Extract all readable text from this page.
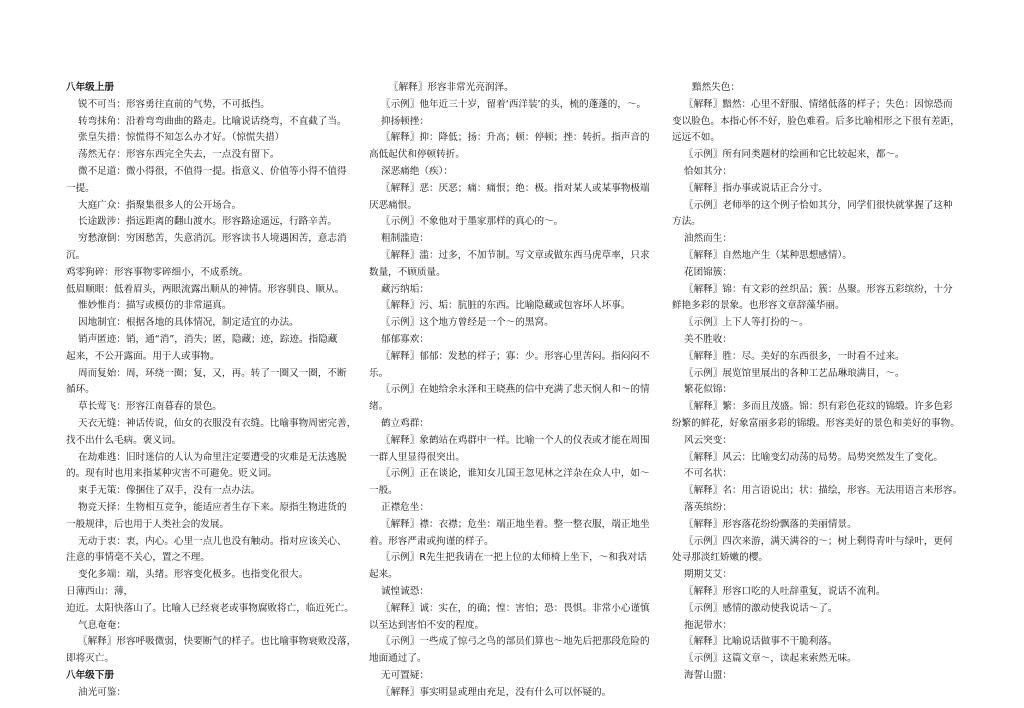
八年级上册
锐不可当：形容勇往直前的气势，不可抵挡。
转弯抹角：沿着弯弯曲曲的路走。比喻说话绕弯，不直截了当。
张皇失措：惊慌得不知怎么办才好。（惊慌失措）
荡然无存：形容东西完全失去，一点没有留下。
微不足道：微小得很，不值得一提。指意义、价值等小得不值得
一提。
大庭广众：指聚集很多人的公开场合。
长途跋涉：指远距离的翻山渡水。形容路途遥远，行路辛苦。
穷愁潦倒：穷困愁苦，失意消沉。形容读书人境遇困苦，意志消
沉。
鸡零狗碎：形容事物零碎细小，不成系统。
低眉顺眼：低着眉头，两眼流露出顺从的神情。形容驯良、顺从。
惟妙惟肖：描写或模仿的非常逼真。
因地制宜：根据各地的具体情况，制定适宜的办法。
销声匿迹：销，通“消”，消失；匿，隐藏；迹，踪迹。指隐藏
起来，不公开露面。用于人或事物。
周而复始：周，环绕一圈；复，又，再。转了一圈又一圈，不断
循环。
草长莺飞：形容江南暮春的景色。
天衣无缝：神话传说，仙女的衣服没有衣缝。比喻事物周密完善，
找不出什么毛病。褒义词。
在劫难逃：旧时迷信的人认为命里注定要遭受的灾难是无法逃脱
的。现有时也用来指某种灾害不可避免。贬义词。
束手无策：像捆住了双手，没有一点办法。
物竞天择：生物相互竞争，能适应者生存下来。原指生物进货的
一般规律，后也用于人类社会的发展。
无动于衷：衷，内心。心里一点儿也没有触动。指对应该关心、
注意的事情毫不关心，置之不理。
变化多端：端，头绪。形容变化极多。也指变化很大。
日薄西山：薄，
迫近。太阳快落山了。比喻人已经衰老或事物腐败将亡，临近死亡。
气息奄奄：
〖解释〗形容呼吸微弱，快要断气的样子。也比喻事物衰败没落，
即将灭亡。
八年级下册
油光可鉴：
〖解释〗形容非常光亮润泽。
〖示例〗他年近三十岁，留着‘西洋装’的头，梳的蓬蓬的，～。
抑扬顿挫：
〖解释〗抑：降低；扬：升高；顿：停顿；挫：转折。指声音的
高低起伏和停顿转折。
深恶痛绝（疾）：
〖解释〗恶：厌恶；痛：痛恨；绝：极。指对某人或某事物极端
厌恶痛恨。
〖示例〗不象他对于墨家那样的真心的～。
粗制滥造：
〖解释〗滥：过多，不加节制。写文章或做东西马虎草率，只求
数量，不顾质量。
藏污纳垢：
〖解释〗污、垢：肮脏的东西。比喻隐藏或包容坏人坏事。
〖示例〗这个地方曾经是一个～的黑窝。
郁郁寡欢：
〖解释〗郁郁：发愁的样子；寡：少。形容心里苦闷。指闷闷不
乐。
〖示例〗在她给余永泽和王晓燕的信中充满了悲天悯人和～的情
绪。
鹤立鸡群：
〖解释〗象鹤站在鸡群中一样。比喻一个人的仪表或才能在周围
一群人里显得很突出。
〖示例〗正在谈论，谁知女儿国王忽见林之洋杂在众人中，如～
一般。
正襟危坐：
〖解释〗襟：衣襟；危坐：端正地坐着。整一整衣服，端正地坐
着。形容严肃或拘谨的样子。
〖示例〗R先生把我请在一把上位的太师椅上坐下，～和我对话
起来。
诚惶诚恐：
〖解释〗诚：实在，的确；惶：害怕；恐：畏惧。非常小心谨慎
以至达到害怕不安的程度。
〖示例〗一些成了惊弓之鸟的部员们算也～地先后把那段危险的
地面通过了。
无可置疑：
〖解释〗事实明显或理由充足，没有什么可以怀疑的。
黯然失色：
〖解释〗黯然：心里不舒服、情绪低落的样子；失色：因惊恐而
变以脸色。本指心怀不好，脸色难看。后多比喻相形之下很有差距，
远远不如。
〖示例〗所有同类题材的绘画和它比较起来，都～。
恰如其分：
〖解释〗指办事或说话正合分寸。
〖示例〗老师举的这个例子恰如其分，同学们很快就掌握了这种
方法。
油然而生：
〖解释〗自然地产生（某种思想感情）。
花团锦簇：
〖解释〗锦：有文彩的丝织品；簇：丛聚。形容五彩缤纷，十分
鲜艳多彩的景象。也形容文章辞藻华丽。
〖示例〗上下人等打扮的～。
美不胜收：
〖解释〗胜：尽。美好的东西很多，一时看不过来。
〖示例〗展览馆里展出的各种工艺品琳琅满目，～。
繁花似锦：
〖解释〗繁：多而且茂盛。锦：织有彩色花纹的锦缎。许多色彩
纷繁的鲜花，好象富丽多彩的锦缎。形容美好的景色和美好的事物。
风云突变：
〖解释〗风云：比喻变幻动荡的局势。局势突然发生了变化。
不可名状：
〖解释〗名：用言语说出；状：描绘，形容。无法用语言来形容。
落英缤纷：
〖解释〗形容落花纷纷飘落的美丽情景。
〖示例〗四次来游，满天满谷的～；树上剩得青叶与绿叶，更何
处寻那淡红娇嫩的樱。
期期艾艾：
〖解释〗形容口吃的人吐辞重复，说话不流利。
〖示例〗感情的激动使我说话～了。
拖泥带水：
〖解释〗比喻说话做事不干脆利落。
〖示例〗这篇文章～，读起来索然无味。
海誓山盟：
